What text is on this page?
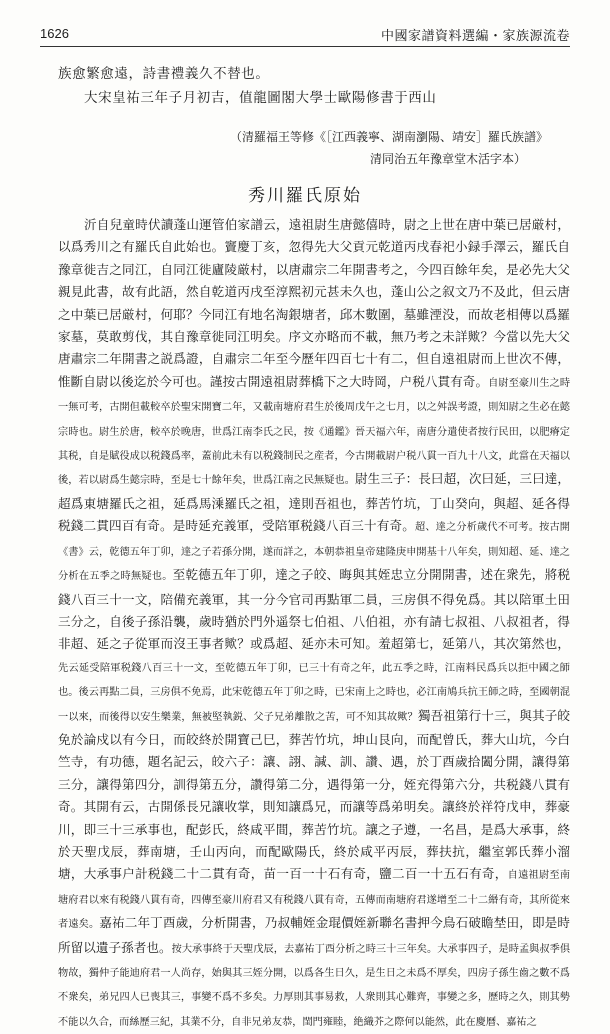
1626	中國家譜資料選編・家族源流卷
族愈繁愈遠，詩書禮義久不替也。
大宋皇祐三年子月初吉，值龍圖閣大學士歐陽修書于西山
（清羅福王等修《［江西義寧、湖南瀏陽、靖安］羅氏族譜》
清同治五年豫章堂木活字本）
秀川羅氏原始

沂自兒童時伏讀蓬山運管伯家譜云，遠祖尉生唐懿僖時，尉之上世在唐中葉已居厳村，以爲秀川之有羅氏自此始也。竇慶丁亥，忽得先大父貢元乾道丙戌春祀小録手澤云，羅氏自豫章徙吉之同江，自同江徙廬陵厳村，以唐肅宗二年開書考之，今四百餘年矣，是必先大父親見此書，故有此語，然自乾道丙戌至淳熙初元甚未久也，蓬山公之叙文乃不及此，但云唐之中葉已居厳村，何耶？今同江有地名淘銀塘者，邱木數圍，墓雖湮没，而故老相傳以爲羅家墓，莫敢剪伐，其自豫章徙同江明矣。序文亦略而不載，無乃考之未詳歟？今當以先大父唐肅宗二年開書之説爲證，自肅宗二年至今歷年四百七十有二，但自遠祖尉而上世次不傳，惟斷自尉以後迄於今可也。謹按古開遠祖尉葬橋下之大時岡，户税八貫有奇。自尉至豪川生之時一無可考，古開但載較卒於聖宋開寶二年，又載南塘府君生於後周戊午之七月，以之舛誤考證，則知尉之生必在懿宗時也。尉生於唐，較卒於晚唐，世爲江南李氏之民，按《通鑑》晉天福六年，南唐分遣使者按行民田，以肥瘠定其税，自是賦役成以税錢爲率，蓋前此未有以税錢制民之産者，今古開載尉户税八貫一百九十八文，此當在天福以後，若以尉爲生懿宗時，至是七十餘年矣，世爲江南之民無疑也。尉生三子：長曰超，次曰延，三曰達，超爲東塘羅氏之祖，延爲馬溗羅氏之祖，達則吾祖也，葬苦竹坑，丁山癸向，與超、延各得税錢二貫四百有奇。是時延充義軍，受陪軍税錢八百三十有奇。超、達之分析歲代不可考。按古開《書》云，乾德五年丁卯，達之子若孫分開，遂而詳之，本朝恭祖皇帝建隆庚申開基十八年矣，則知超、延、達之分析在五季之時無疑也。至乾德五年丁卯，達之子皎、晦與其姪忠立分開開書，述在衆先，將税錢八百三十一文，陪備充義軍，其一分今官司再點軍二員，三房俱不得免爲。其以陪軍土田三分之，自後子孫沿襲，歲時猶於門外遥祭七伯祖、八伯祖，亦有請七叔祖、八叔祖者，得非超、延之子從軍而沒王事者歟？或爲超、延亦未可知。羞超第七，延第八，其次第然也，先云延受陪軍税錢八百三十一文，至乾德五年丁卯，已三十有奇之年，此五季之時，江南料民爲兵以拒中國之師也。後云再點二員，三房俱不免焉，此宋乾德五年丁卯之時，已宋南上之時也，必江南鳩兵抗王師之時，至國朝混一以來，而後得以安生樂業，無被堅執鋭、父子兄弟離散之苦，可不知其故歟？獨吾祖第行十三，與其子皎免於論戍以有今日，而皎終於開寶己巳，葬苦竹坑，坤山艮向，而配曾氏，葬大山坑，今白竺寺，有功德，題名記云，皎六子：讓、詡、諴、訓、讚、遇，於丁酉歲拾闔分開，讓得第三分，讓得第四分，訓得第五分，讚得第二分，遇得第一分，姪充得第六分，共税錢八貫有奇。其開有云，古開係長兄讓收掌，則知讓爲兄，而讓等爲弟明矣。讓終於祥符戊申，葬豪川，即三十三承事也，配彭氏，終咸平間，葬苦竹坑。讓之子遵，一名昌，是爲大承事，終於天聖戊辰，葬南塘，壬山丙向，而配歐陽氏，終於咸平丙辰，葬扶抗，繼室郭氏葬小溜塘，大承事户計税錢二十二貫有奇，苗一百一十石有奇，鹽二百一十五石有奇，自遠祖尉至南塘府君以來有税錢八貫有奇，四傳至豪川府君又有税錢八貫有奇，五傳而南塘府君遂增至二十二緡有奇，其所從來者遠矣。嘉祐二年丁酉歲，分析開書，乃叔輔姪金琨價姪新聯名書押今鳥石破瞻埜田，即是時所留以遺子孫者也。按大承事終于天聖戊辰，去嘉祐丁酉分析之時三十三年矣。大承事四子，是時孟與叔季俱物故，獨仲子能迪府君一人尚存，始與其三姪分開，以爲各生日久，是生日之未爲不厚矣，四房子孫生齒之數不爲不衆矣，弟兄四人已喪其三，事變不爲不多矣。力厚則其事易救，人衆則其心難齊，事變之多，歷時之久，則其勢不能以久合，而絲歷三紀，其業不分，自非兄弟友恭，閨門雍睦，絶織芥之際何以能然，此在慶曆、嘉祐之
